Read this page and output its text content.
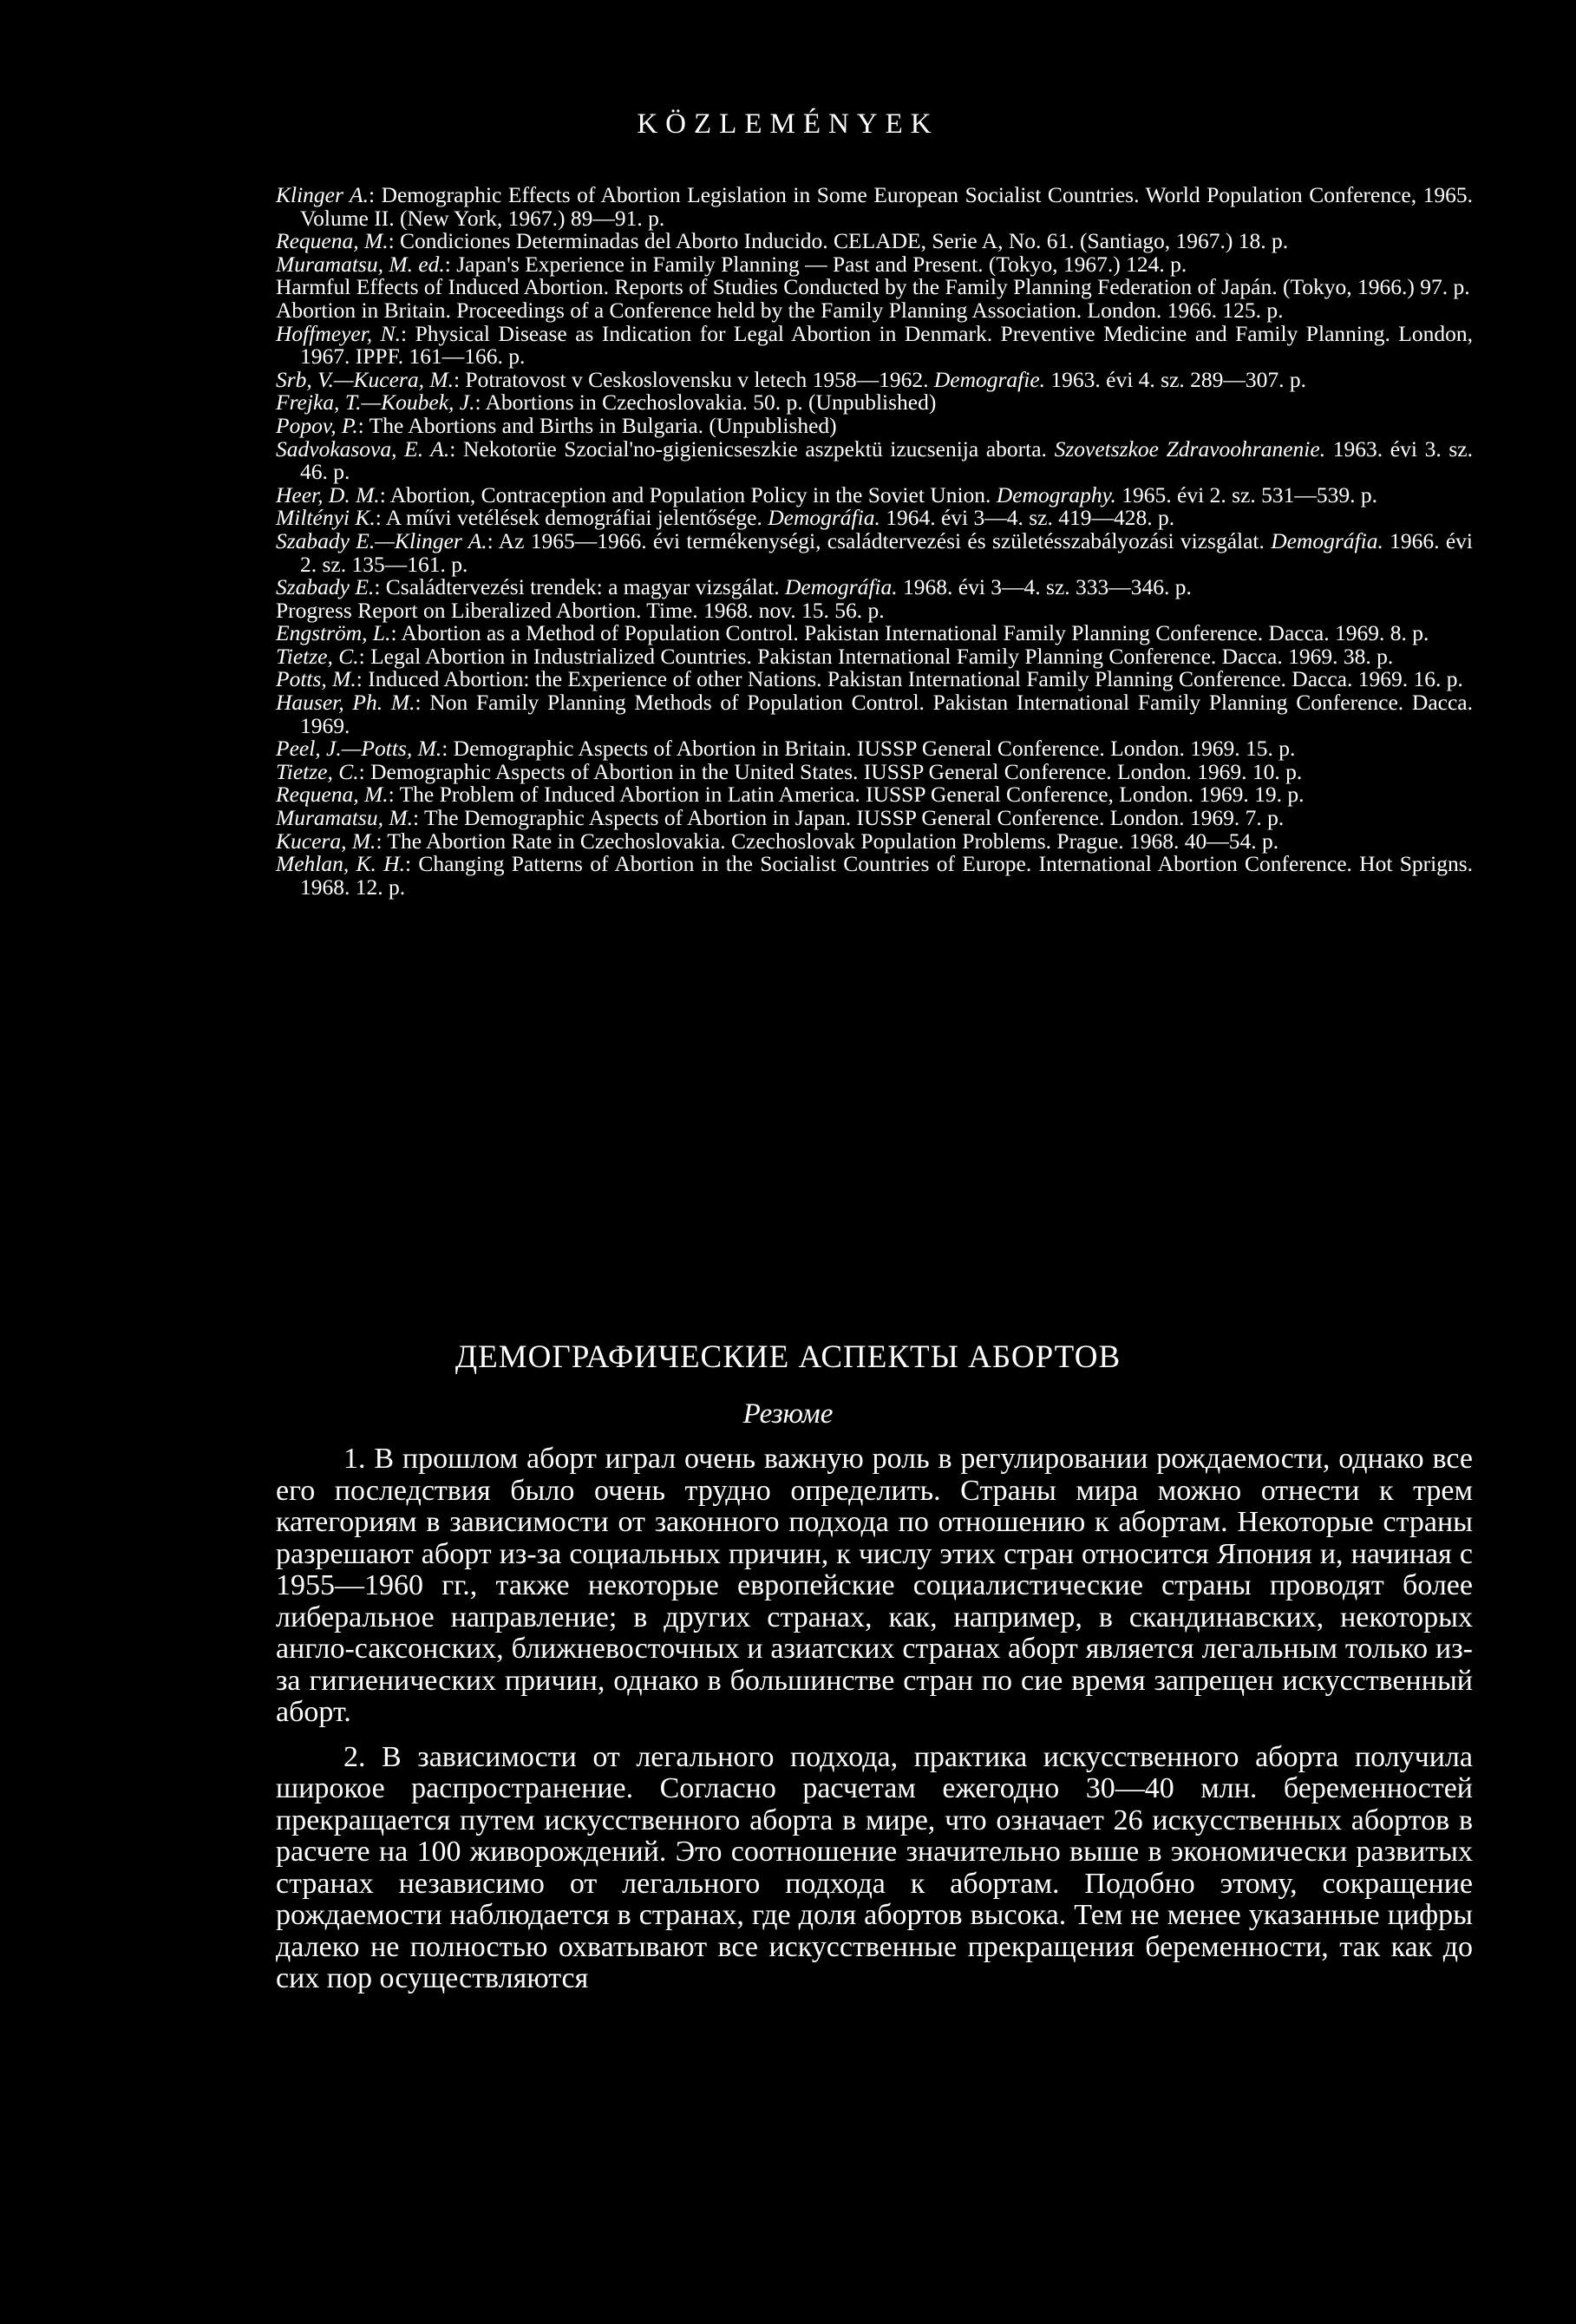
KÖZLEMÉNYEK
Klinger A.: Demographic Effects of Abortion Legislation in Some European Socialist Countries. World Population Conference, 1965. Volume II. (New York, 1967.) 89—91. p.
Requena, M.: Condiciones Determinadas del Aborto Inducido. CELADE, Serie A, No. 61. (Santiago, 1967.) 18. p.
Muramatsu, M. ed.: Japan's Experience in Family Planning — Past and Present. (Tokyo, 1967.) 124. p.
Harmful Effects of Induced Abortion. Reports of Studies Conducted by the Family Planning Federation of Japán. (Tokyo, 1966.) 97. p.
Abortion in Britain. Proceedings of a Conference held by the Family Planning Association. London. 1966. 125. p.
Hoffmeyer, N.: Physical Disease as Indication for Legal Abortion in Denmark. Preventive Medicine and Family Planning. London, 1967. IPPF. 161—166. p.
Srb, V.—Kucera, M.: Potratovost v Ceskoslovensku v letech 1958—1962. Demografie. 1963. évi 4. sz. 289—307. p.
Frejka, T.—Koubek, J.: Abortions in Czechoslovakia. 50. p. (Unpublished)
Popov, P.: The Abortions and Births in Bulgaria. (Unpublished)
Sadvokasova, E. A.: Nekotorüe Szocial'no-gigienicseszkie aszpektü izucsenija aborta. Szovetszkoe Zdravoohranenie. 1963. évi 3. sz. 46. p.
Heer, D. M.: Abortion, Contraception and Population Policy in the Soviet Union. Demography. 1965. évi 2. sz. 531—539. p.
Miltényi K.: A művi vetélések demográfiai jelentősége. Demográfia. 1964. évi 3—4. sz. 419—428. p.
Szabady E.—Klinger A.: Az 1965—1966. évi termékenységi, családtervezési és születésszabályozási vizsgálat. Demográfia. 1966. évi 2. sz. 135—161. p.
Szabady E.: Családtervezési trendek: a magyar vizsgálat. Demográfia. 1968. évi 3—4. sz. 333—346. p.
Progress Report on Liberalized Abortion. Time. 1968. nov. 15. 56. p.
Engström, L.: Abortion as a Method of Population Control. Pakistan International Family Planning Conference. Dacca. 1969. 8. p.
Tietze, C.: Legal Abortion in Industrialized Countries. Pakistan International Family Planning Conference. Dacca. 1969. 38. p.
Potts, M.: Induced Abortion: the Experience of other Nations. Pakistan International Family Planning Conference. Dacca. 1969. 16. p.
Hauser, Ph. M.: Non Family Planning Methods of Population Control. Pakistan International Family Planning Conference. Dacca. 1969.
Peel, J.—Potts, M.: Demographic Aspects of Abortion in Britain. IUSSP General Conference. London. 1969. 15. p.
Tietze, C.: Demographic Aspects of Abortion in the United States. IUSSP General Conference. London. 1969. 10. p.
Requena, M.: The Problem of Induced Abortion in Latin America. IUSSP General Conference, London. 1969. 19. p.
Muramatsu, M.: The Demographic Aspects of Abortion in Japan. IUSSP General Conference. London. 1969. 7. p.
Kucera, M.: The Abortion Rate in Czechoslovakia. Czechoslovak Population Problems. Prague. 1968. 40—54. p.
Mehlan, K. H.: Changing Patterns of Abortion in the Socialist Countries of Europe. International Abortion Conference. Hot Sprigns. 1968. 12. p.
ДЕМОГРАФИЧЕСКИЕ АСПЕКТЫ АБОРТОВ
Резюме

1. В прошлом аборт играл очень важную роль в регулировании рождаемости, однако все его последствия было очень трудно определить. Страны мира можно отнести к трем категориям в зависимости от законного подхода по отношению к абортам. Некоторые страны разрешают аборт из-за социальных причин, к числу этих стран относится Япония и, начиная с 1955—1960 гг., также некоторые европейские социалистические страны проводят более либеральное направление; в других странах, как, например, в скандинавских, некоторых англо-саксонских, ближневосточных и азиатских странах аборт является легальным только из-за гигиенических причин, однако в большинстве стран по сие время запрещен искусственный аборт.

2. В зависимости от легального подхода, практика искусственного аборта получила широкое распространение. Согласно расчетам ежегодно 30—40 млн. беременностей прекращается путем искусственного аборта в мире, что означает 26 искусственных абортов в расчете на 100 живорождений. Это соотношение значительно выше в экономически развитых странах независимо от легального подхода к абортам. Подобно этому, сокращение рождаемости наблюдается в странах, где доля абортов высока. Тем не менее указанные цифры далеко не полностью охватывают все искусственные прекращения беременности, так как до сих пор осуществляются
